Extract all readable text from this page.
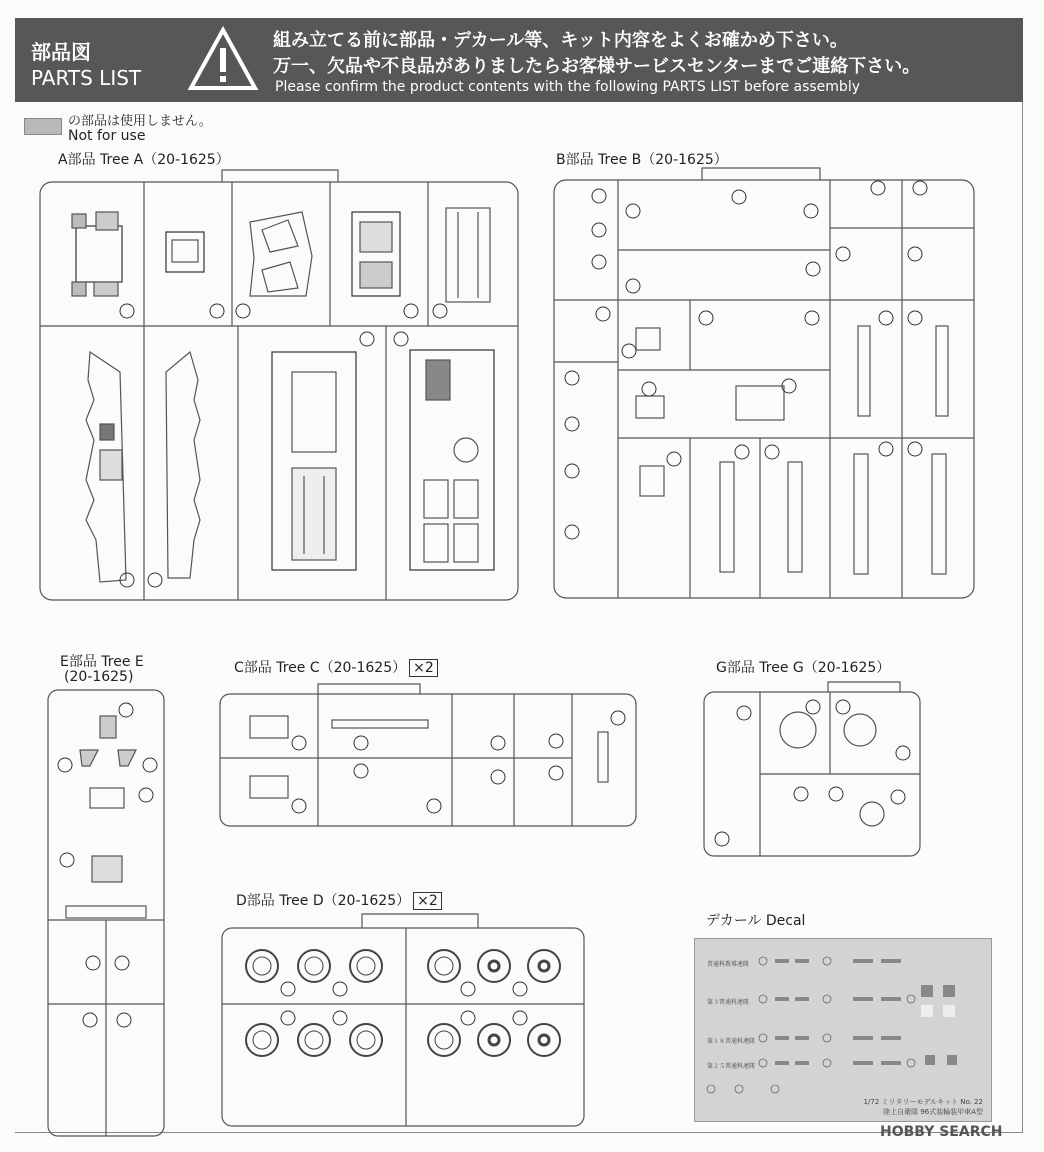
部品図
PARTS LIST
組み立てる前に部品・デカール等、キット内容をよくお確かめ下さい。
万一、欠品や不良品がありましたらお客様サービスセンターまでご連絡下さい。
Please confirm the product contents with the following PARTS LIST before assembly
の部品は使用しません。
Not for use
A部品 Tree A（20-1625）	B部品 Tree B（20-1625）
E部品 Tree E
(20-1625)
C部品 Tree C（20-1625） ×2	G部品 Tree G（20-1625）
D部品 Tree D（20-1625） ×2
デカール Decal
普通科教導連隊
第３普通科連隊
第１８普通科連隊
第２５普通科連隊
1/72 ミリタリーモデルキット No. 22
陸上自衛隊 96式装輪装甲車A型
HOBBY SEARCH
